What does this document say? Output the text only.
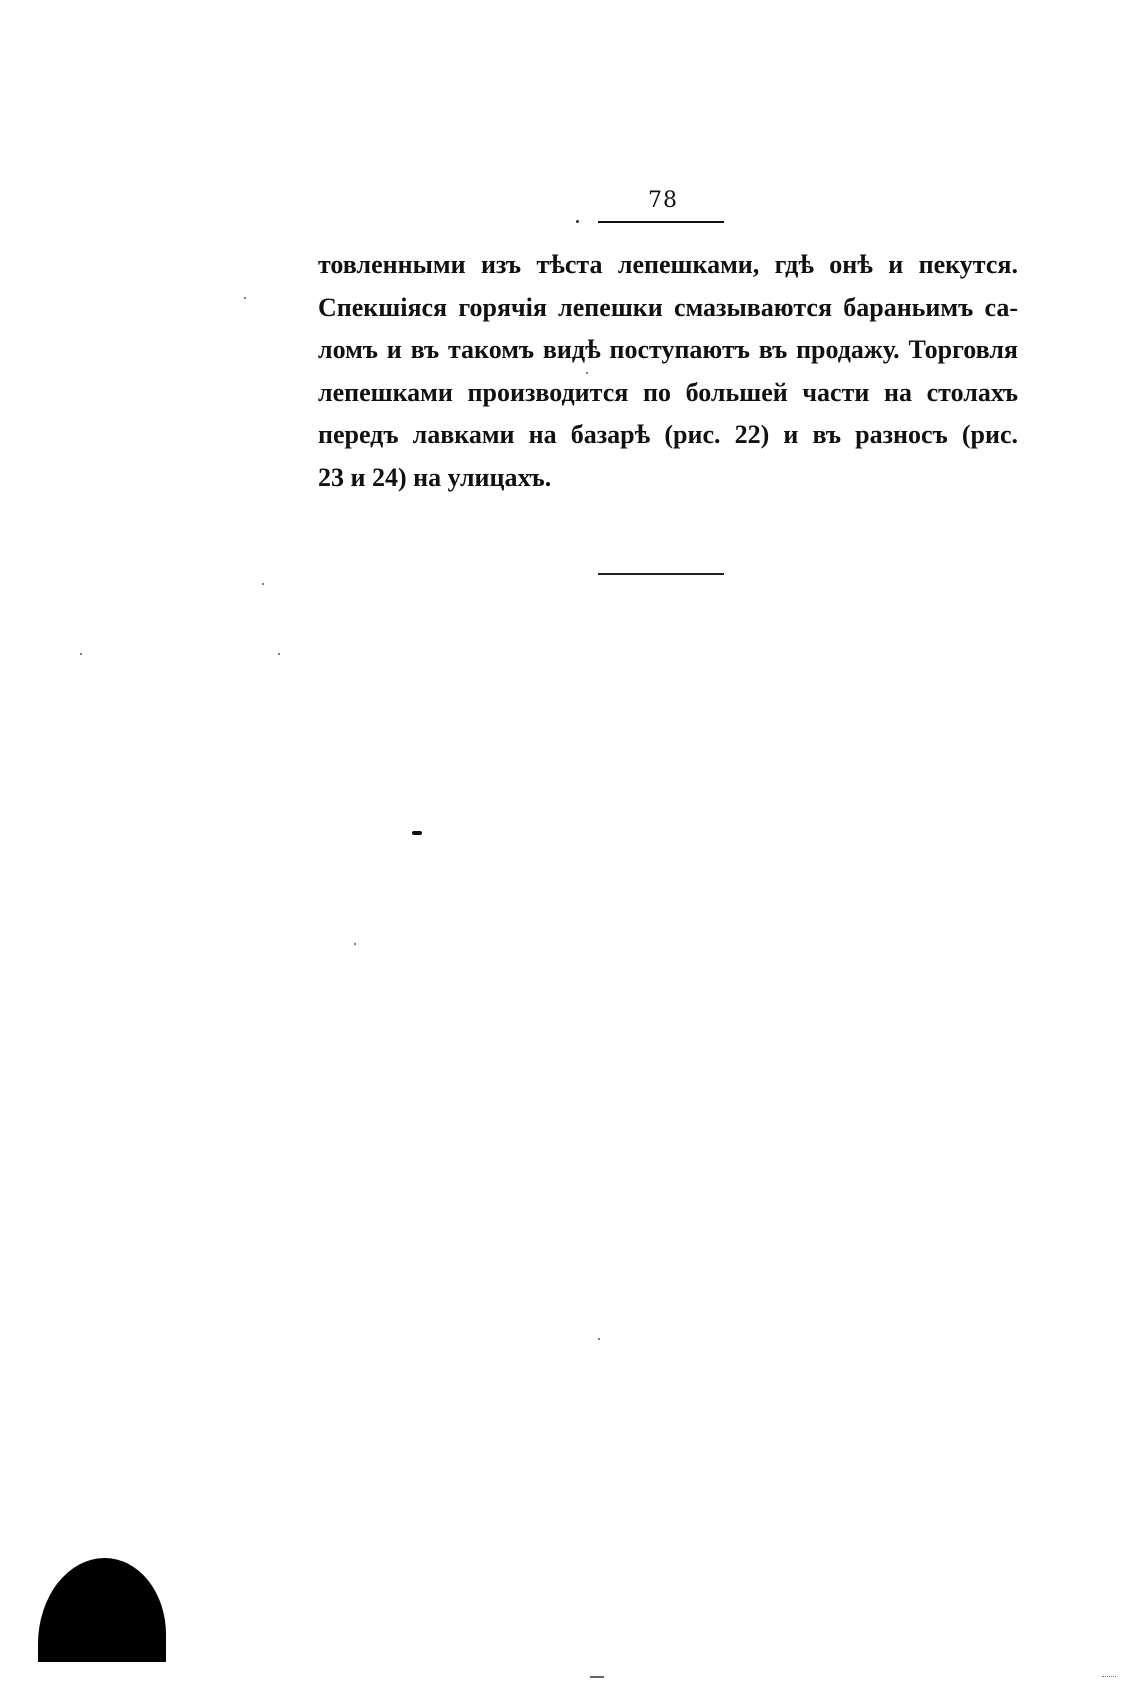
78
товленными изъ тѣста лепешками, гдѣ онѣ и пекутся.
Спекшіяся горячія лепешки смазываются бараньимъ са-
ломъ и въ такомъ видѣ поступаютъ въ продажу. Торговля
лепешками производится по большей части на столахъ
передъ лавками на базарѣ (рис. 22) и въ разносъ (рис.
23 и 24) на улицахъ.
